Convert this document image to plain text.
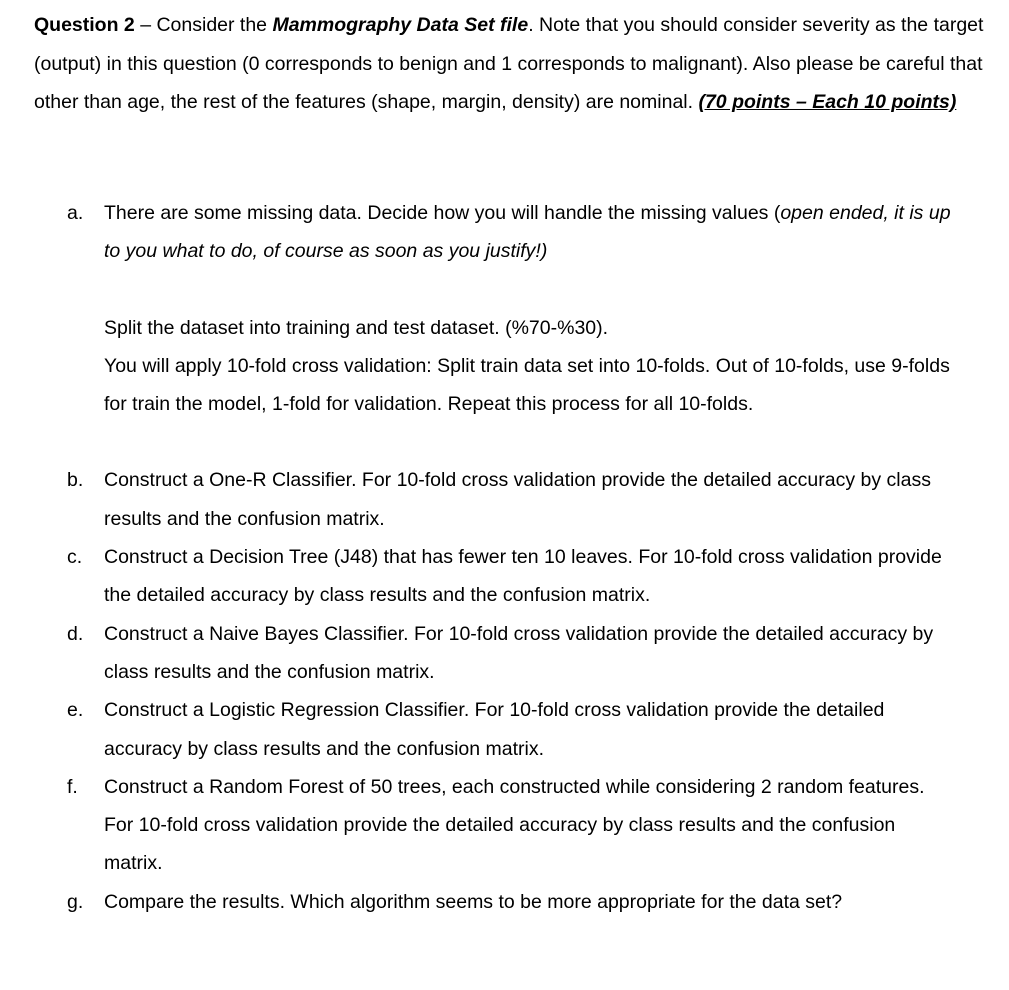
Question 2 – Consider the Mammography Data Set file. Note that you should consider severity as the target (output) in this question (0 corresponds to benign and 1 corresponds to malignant). Also please be careful that other than age, the rest of the features (shape, margin, density) are nominal. (70 points – Each 10 points)

a. There are some missing data. Decide how you will handle the missing values (open ended, it is up to you what to do, of course as soon as you justify!)
Split the dataset into training and test dataset. (%70-%30).
You will apply 10-fold cross validation: Split train data set into 10-folds. Out of 10-folds, use 9-folds for train the model, 1-fold for validation. Repeat this process for all 10-folds.
b. Construct a One-R Classifier. For 10-fold cross validation provide the detailed accuracy by class results and the confusion matrix.
c. Construct a Decision Tree (J48) that has fewer ten 10 leaves. For 10-fold cross validation provide the detailed accuracy by class results and the confusion matrix.
d. Construct a Naive Bayes Classifier. For 10-fold cross validation provide the detailed accuracy by class results and the confusion matrix.
e. Construct a Logistic Regression Classifier. For 10-fold cross validation provide the detailed accuracy by class results and the confusion matrix.
f. Construct a Random Forest of 50 trees, each constructed while considering 2 random features. For 10-fold cross validation provide the detailed accuracy by class results and the confusion matrix.
g. Compare the results. Which algorithm seems to be more appropriate for the data set?
